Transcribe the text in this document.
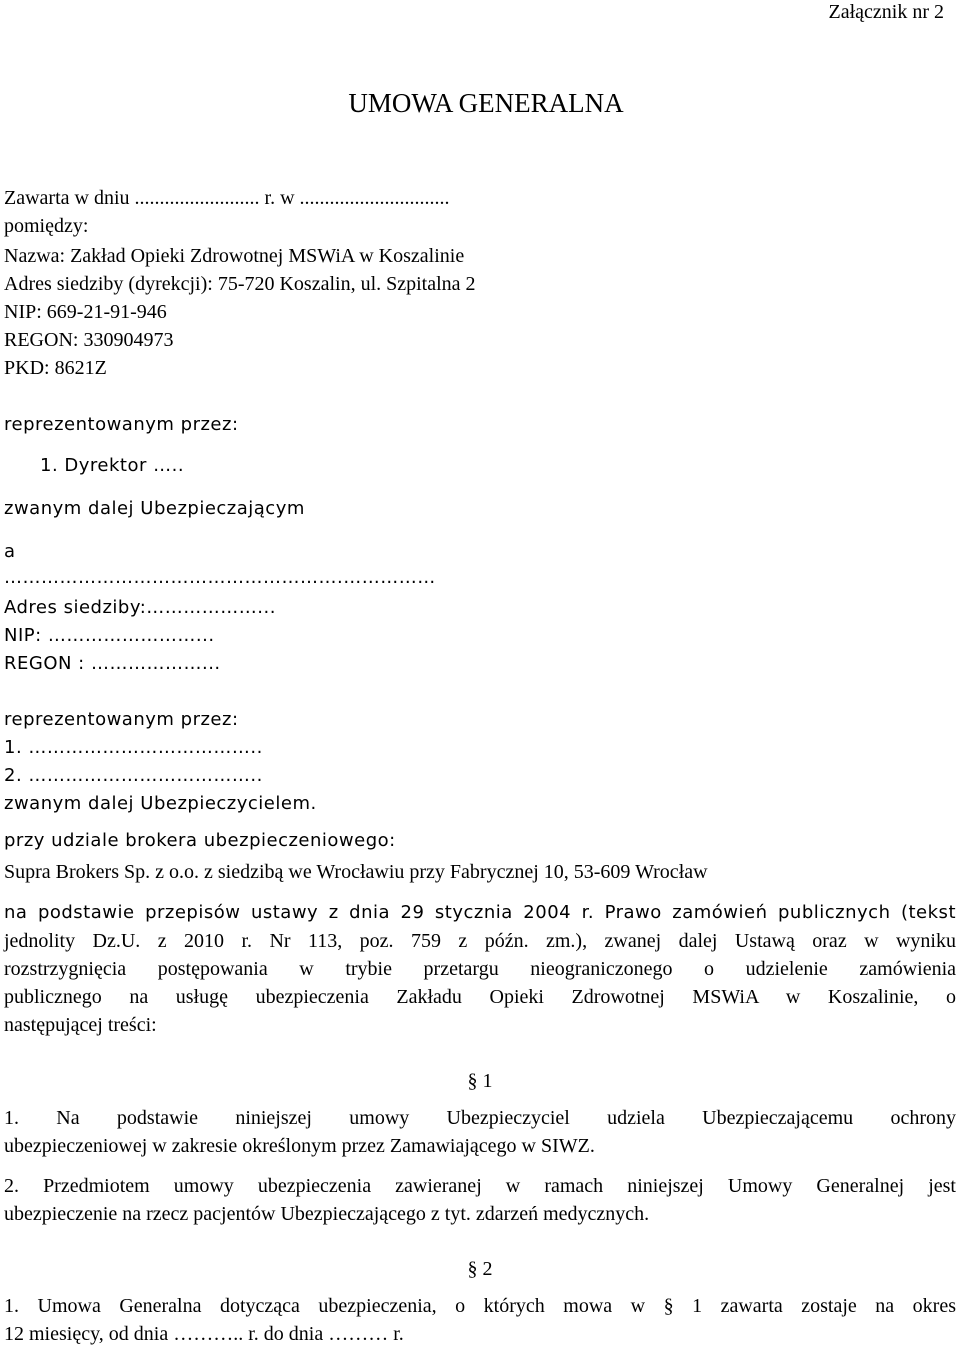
Załącznik nr 2
UMOWA GENERALNA
Zawarta w dniu ......................... r. w ..............................
pomiędzy:
Nazwa: Zakład Opieki Zdrowotnej MSWiA w Koszalinie
Adres siedziby (dyrekcji): 75-720 Koszalin, ul. Szpitalna 2
NIP: 669-21-91-946
REGON: 330904973
PKD: 8621Z
reprezentowanym przez:
1. Dyrektor …..
zwanym dalej Ubezpieczającym
a
……………………………………………….……………
Adres siedziby:………………...
NIP: ……………………...
REGON : ………………...
reprezentowanym przez:
1. ………………………………..
2. ………………………………..
zwanym dalej Ubezpieczycielem.
przy udziale brokera ubezpieczeniowego:
Supra Brokers Sp. z o.o. z siedzibą we Wrocławiu przy Fabrycznej 10, 53-609 Wrocław
na podstawie przepisów ustawy z dnia 29 stycznia 2004 r. Prawo zamówień publicznych (tekst
jednolity Dz.U. z 2010 r. Nr 113, poz. 759 z późn. zm.), zwanej dalej Ustawą oraz w wyniku
rozstrzygnięcia postępowania w trybie przetargu nieograniczonego o udzielenie zamówienia
publicznego na usługę ubezpieczenia Zakładu Opieki Zdrowotnej MSWiA w Koszalinie, o
następującej treści:
§ 1
1. Na podstawie niniejszej umowy Ubezpieczyciel udziela Ubezpieczającemu ochrony
ubezpieczeniowej w zakresie określonym przez Zamawiającego w SIWZ.
2. Przedmiotem umowy ubezpieczenia zawieranej w ramach niniejszej Umowy Generalnej jest
ubezpieczenie na rzecz pacjentów Ubezpieczającego z tyt. zdarzeń medycznych.
§ 2
1. Umowa Generalna dotycząca ubezpieczenia, o których mowa w § 1 zawarta zostaje na okres
12 miesięcy, od dnia ……….. r. do dnia ……… r.
